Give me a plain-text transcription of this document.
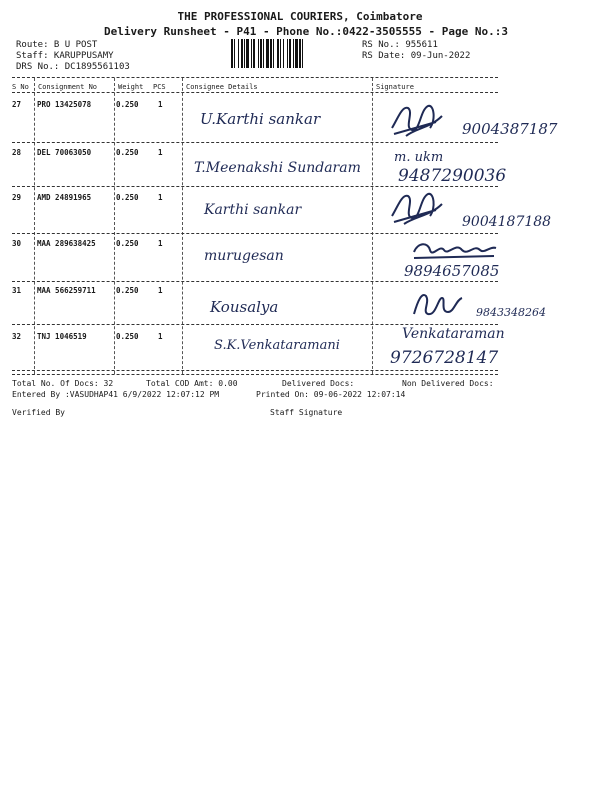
THE PROFESSIONAL COURIERS, Coimbatore
Delivery Runsheet - P41 - Phone No.:0422-3505555 - Page No.:3
Route: B U POST
Staff: KARUPPUSAMY
DRS No.: DC1895561103
RS No.: 955611
RS Date: 09-Jun-2022
S No Consignment No	Weight PCS	Consignee Details	Signature
27 PRO 13425078	0.250	1
U.Karthi sankar
9004387187
28 DEL 70063050	0.250	1
T.Meenakshi Sundaram
m. ukm
9487290036
29 AMD 24891965	0.250	1
Karthi sankar
9004187188
30 MAA 289638425	0.250	1
murugesan
9894657085
31 MAA 566259711	0.250	1
Kousalya	9843348264
32 TNJ 1046519	0.250	1
S.K.Venkataramani
Venkataraman
9726728147
Total No. Of Docs: 32	Total COD Amt: 0.00	Delivered Docs:	Non Delivered Docs:
Entered By :VASUDHAP41 6/9/2022 12:07:12 PM	Printed On: 09-06-2022 12:07:14
Verified By	Staff Signature
